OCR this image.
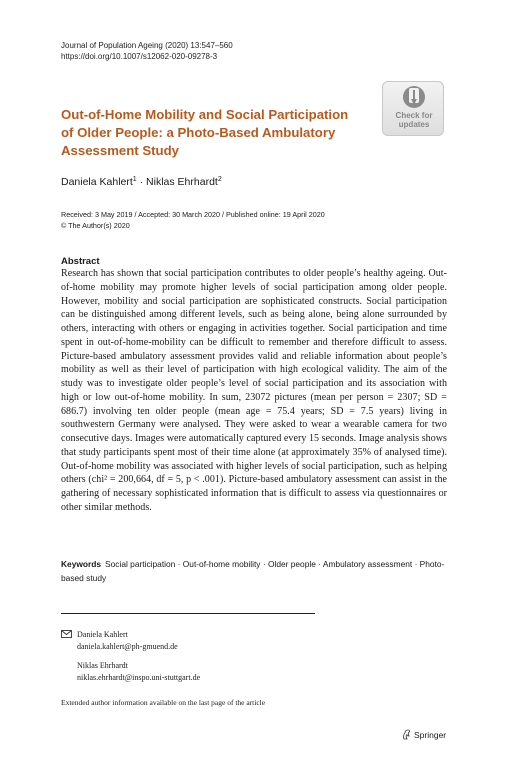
Journal of Population Ageing (2020) 13:547–560
https://doi.org/10.1007/s12062-020-09278-3
Out-of-Home Mobility and Social Participation
of Older People: a Photo-Based Ambulatory
Assessment Study
Check for
updates
Daniela Kahlert$^1$ · Niklas Ehrhardt$^2$
Received: 3 May 2019 / Accepted: 30 March 2020 / Published online: 19 April 2020
© The Author(s) 2020
Abstract
Research has shown that social participation contributes to older people’s healthy ageing. Out-of-home mobility may promote higher levels of social participation among older people. However, mobility and social participation are sophisticated constructs. Social participation can be distinguished among different levels, such as being alone, being alone surrounded by others, interacting with others or engaging in activities together. Social participation and time spent in out-of-home-mobility can be difficult to remember and therefore difficult to assess. Picture-based ambulatory assessment provides valid and reliable information about people’s mobility as well as their level of participation with high ecological validity. The aim of the study was to investigate older people’s level of social participation and its association with high or low out-of-home mobility. In sum, 23072 pictures (mean per person = 2307; SD = 686.7) involving ten older people (mean age = 75.4 years; SD = 7.5 years) living in southwestern Germany were analysed. They were asked to wear a wearable camera for two consecutive days. Images were automatically captured every 15 seconds. Image analysis shows that study participants spent most of their time alone (at approximately 35% of analysed time). Out-of-home mobility was associated with higher levels of social participation, such as helping others (chi² = 200,664, df = 5, p < .001). Picture-based ambulatory assessment can assist in the gathering of necessary sophisticated information that is difficult to assess via questionnaires or other similar methods.
Keywords Social participation · Out-of-home mobility · Older people · Ambulatory assessment · Photo-based study
Daniela Kahlert
daniela.kahlert@ph-gmuend.de
Niklas Ehrhardt
niklas.ehrhardt@inspo.uni-stuttgart.de
Extended author information available on the last page of the article
Springer
